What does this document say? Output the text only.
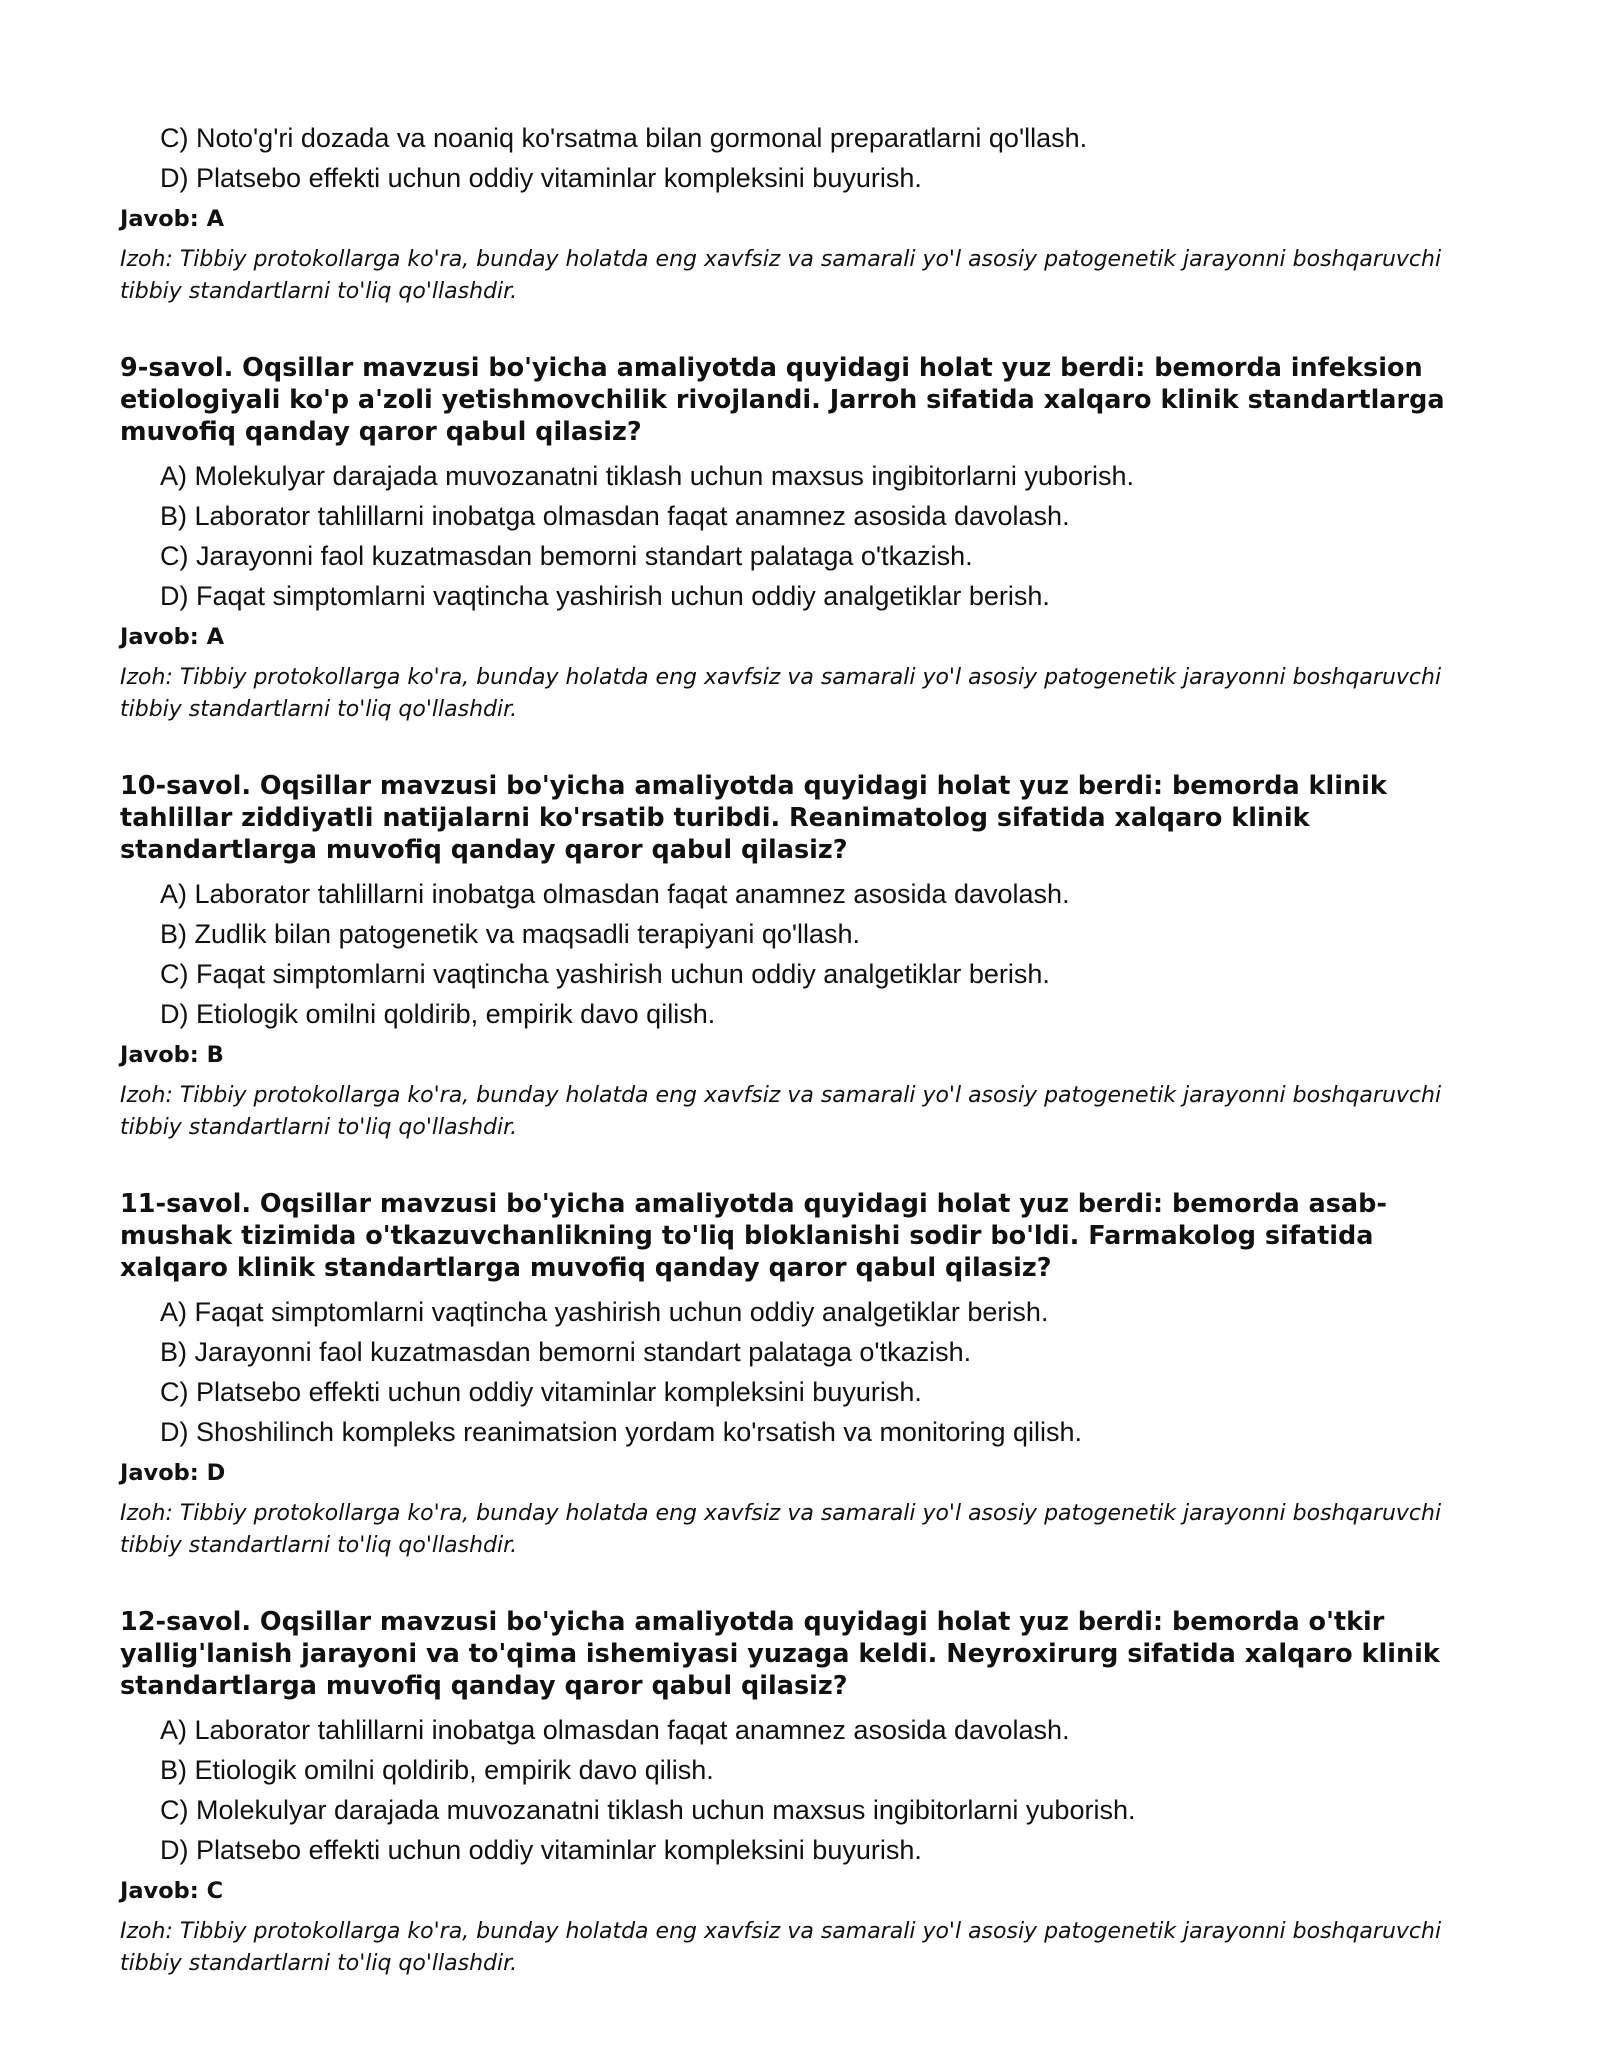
C) Noto'g'ri dozada va noaniq ko'rsatma bilan gormonal preparatlarni qo'llash.
D) Platsebo effekti uchun oddiy vitaminlar kompleksini buyurish.
Javob: A
Izoh: Tibbiy protokollarga ko'ra, bunday holatda eng xavfsiz va samarali yo'l asosiy patogenetik jarayonni boshqaruvchi tibbiy standartlarni to'liq qo'llashdir.
9-savol. Oqsillar mavzusi bo'yicha amaliyotda quyidagi holat yuz berdi: bemorda infeksion etiologiyali ko'p a'zoli yetishmovchilik rivojlandi. Jarroh sifatida xalqaro klinik standartlarga muvofiq qanday qaror qabul qilasiz?
A) Molekulyar darajada muvozanatni tiklash uchun maxsus ingibitorlarni yuborish.
B) Laborator tahlillarni inobatga olmasdan faqat anamnez asosida davolash.
C) Jarayonni faol kuzatmasdan bemorni standart palataga o'tkazish.
D) Faqat simptomlarni vaqtincha yashirish uchun oddiy analgetiklar berish.
Javob: A
Izoh: Tibbiy protokollarga ko'ra, bunday holatda eng xavfsiz va samarali yo'l asosiy patogenetik jarayonni boshqaruvchi tibbiy standartlarni to'liq qo'llashdir.
10-savol. Oqsillar mavzusi bo'yicha amaliyotda quyidagi holat yuz berdi: bemorda klinik tahlillar ziddiyatli natijalarni ko'rsatib turibdi. Reanimatolog sifatida xalqaro klinik standartlarga muvofiq qanday qaror qabul qilasiz?
A) Laborator tahlillarni inobatga olmasdan faqat anamnez asosida davolash.
B) Zudlik bilan patogenetik va maqsadli terapiyani qo'llash.
C) Faqat simptomlarni vaqtincha yashirish uchun oddiy analgetiklar berish.
D) Etiologik omilni qoldirib, empirik davo qilish.
Javob: B
Izoh: Tibbiy protokollarga ko'ra, bunday holatda eng xavfsiz va samarali yo'l asosiy patogenetik jarayonni boshqaruvchi tibbiy standartlarni to'liq qo'llashdir.
11-savol. Oqsillar mavzusi bo'yicha amaliyotda quyidagi holat yuz berdi: bemorda asab-mushak tizimida o'tkazuvchanlikning to'liq bloklanishi sodir bo'ldi. Farmakolog sifatida xalqaro klinik standartlarga muvofiq qanday qaror qabul qilasiz?
A) Faqat simptomlarni vaqtincha yashirish uchun oddiy analgetiklar berish.
B) Jarayonni faol kuzatmasdan bemorni standart palataga o'tkazish.
C) Platsebo effekti uchun oddiy vitaminlar kompleksini buyurish.
D) Shoshilinch kompleks reanimatsion yordam ko'rsatish va monitoring qilish.
Javob: D
Izoh: Tibbiy protokollarga ko'ra, bunday holatda eng xavfsiz va samarali yo'l asosiy patogenetik jarayonni boshqaruvchi tibbiy standartlarni to'liq qo'llashdir.
12-savol. Oqsillar mavzusi bo'yicha amaliyotda quyidagi holat yuz berdi: bemorda o'tkir yallig'lanish jarayoni va to'qima ishemiyasi yuzaga keldi. Neyroxirurg sifatida xalqaro klinik standartlarga muvofiq qanday qaror qabul qilasiz?
A) Laborator tahlillarni inobatga olmasdan faqat anamnez asosida davolash.
B) Etiologik omilni qoldirib, empirik davo qilish.
C) Molekulyar darajada muvozanatni tiklash uchun maxsus ingibitorlarni yuborish.
D) Platsebo effekti uchun oddiy vitaminlar kompleksini buyurish.
Javob: C
Izoh: Tibbiy protokollarga ko'ra, bunday holatda eng xavfsiz va samarali yo'l asosiy patogenetik jarayonni boshqaruvchi tibbiy standartlarni to'liq qo'llashdir.
